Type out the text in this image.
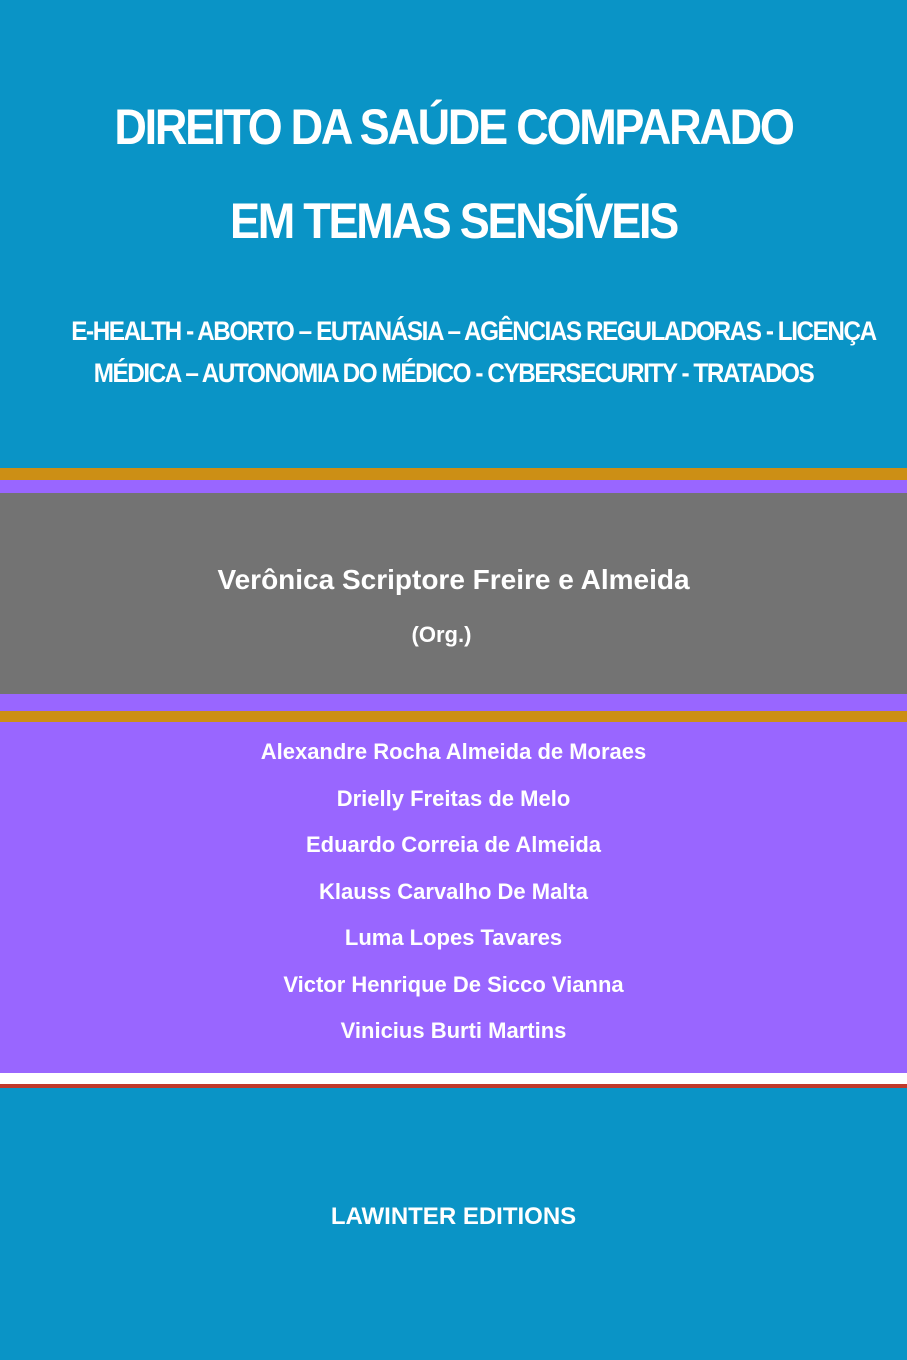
DIREITO DA SAÚDE COMPARADO
EM TEMAS SENSÍVEIS
E-HEALTH - ABORTO – EUTANÁSIA – AGÊNCIAS REGULADORAS - LICENÇA
MÉDICA – AUTONOMIA DO MÉDICO - CYBERSECURITY - TRATADOS
Verônica Scriptore Freire e Almeida
(Org.)
Alexandre Rocha Almeida de Moraes
Drielly Freitas de Melo
Eduardo Correia de Almeida
Klauss Carvalho De Malta
Luma Lopes Tavares
Victor Henrique De Sicco Vianna
Vinicius Burti Martins
LAWINTER EDITIONS
